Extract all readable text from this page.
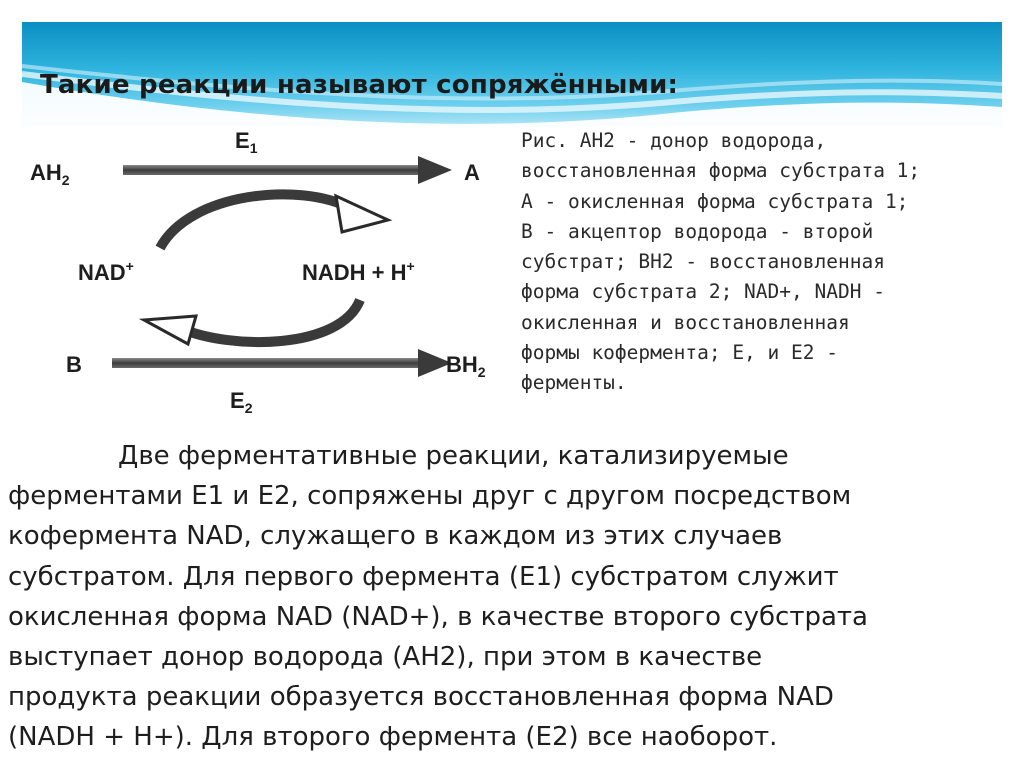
Такие реакции называют сопряжёнными:
$E_1$
$AH_2$	A
NAD+	NADH + H+
B	$BH_2$
$E_2$
Рис. АН2 - донор водорода,
восстановленная форма субстрата 1;
А - окисленная форма субстрата 1;
В - акцептор водорода - второй
субстрат; ВН2 - восстановленная
форма субстрата 2; NAD+, NADH -
окисленная и восстановленная
формы кофермента; Е, и Е2 -
ферменты.
Две ферментативные реакции, катализируемые
ферментами Е1 и Е2, сопряжены друг с другом посредством
кофермента NAD, служащего в каждом из этих случаев
субстратом. Для первого фермента (Е1) субстратом служит
окисленная форма NAD (NAD+), в качестве второго субстрата
выступает донор водорода (АН2), при этом в качестве
продукта реакции образуется восстановленная форма NAD
(NADH + H+). Для второго фермента (Е2) все наоборот.
